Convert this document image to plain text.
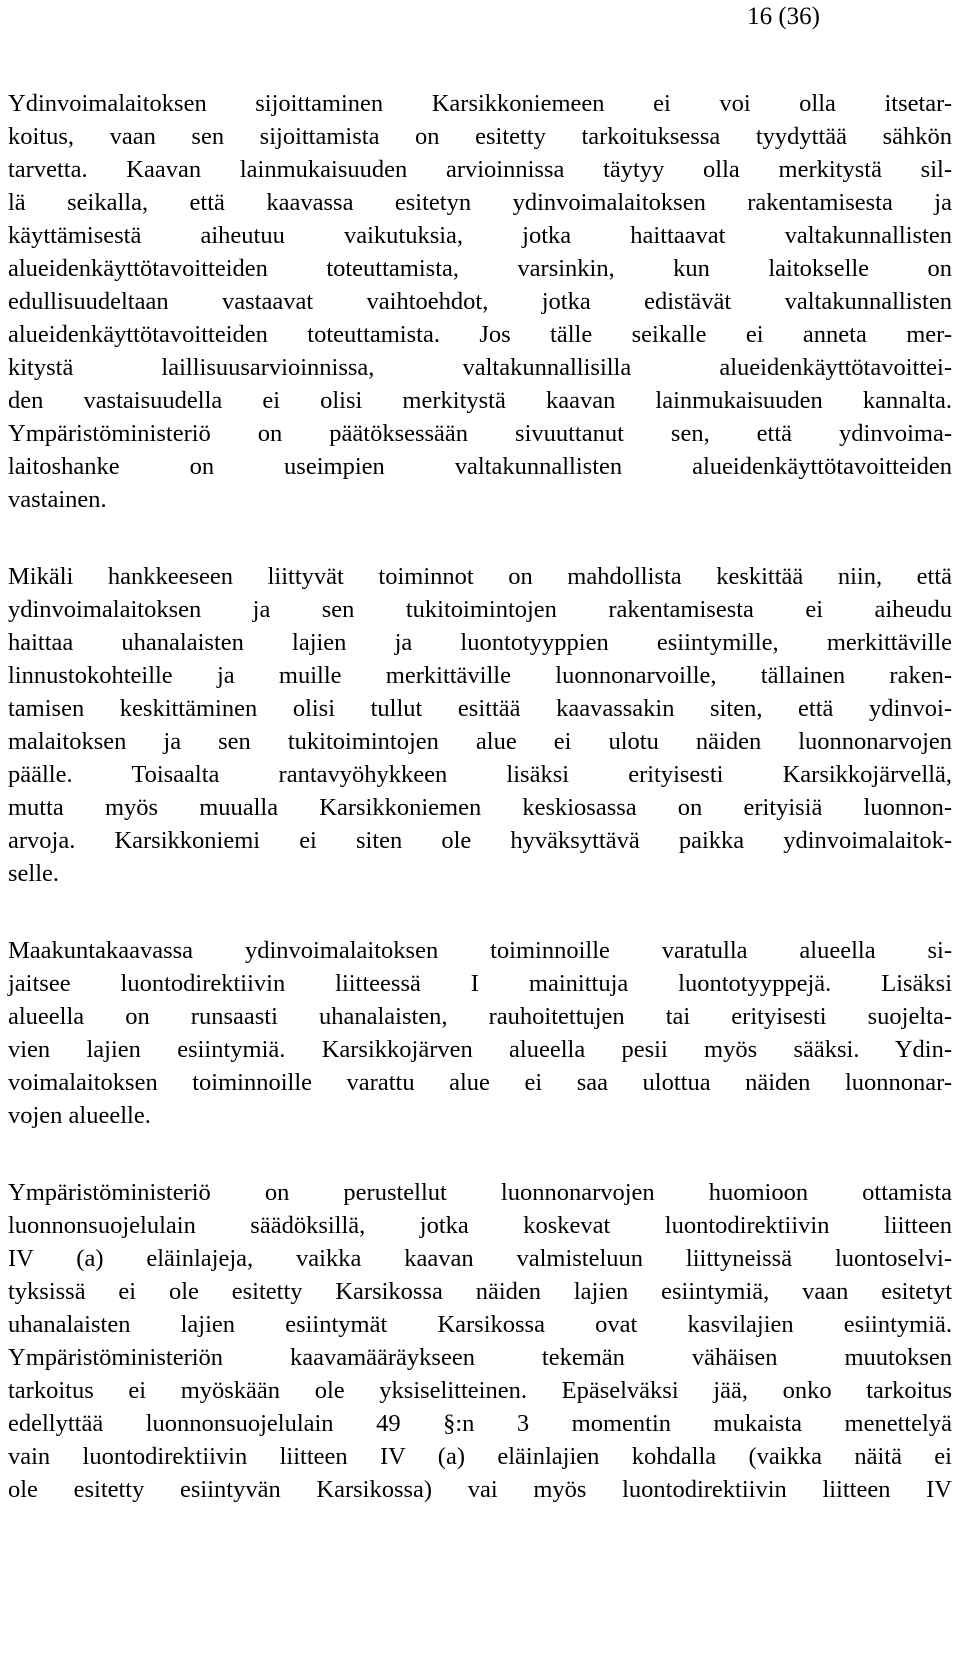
16 (36)
Ydinvoimalaitoksen sijoittaminen Karsikkoniemeen ei voi olla itsetar-
koitus, vaan sen sijoittamista on esitetty tarkoituksessa tyydyttää sähkön
tarvetta. Kaavan lainmukaisuuden arvioinnissa täytyy olla merkitystä sil-
lä seikalla, että kaavassa esitetyn ydinvoimalaitoksen rakentamisesta ja
käyttämisestä aiheutuu vaikutuksia, jotka haittaavat valtakunnallisten
alueidenkäyttötavoitteiden toteuttamista, varsinkin, kun laitokselle on
edullisuudeltaan vastaavat vaihtoehdot, jotka edistävät valtakunnallisten
alueidenkäyttötavoitteiden toteuttamista. Jos tälle seikalle ei anneta mer-
kitystä laillisuusarvioinnissa, valtakunnallisilla alueidenkäyttötavoittei-
den vastaisuudella ei olisi merkitystä kaavan lainmukaisuuden kannalta.
Ympäristöministeriö on päätöksessään sivuuttanut sen, että ydinvoima-
laitoshanke on useimpien valtakunnallisten alueidenkäyttötavoitteiden
vastainen.
Mikäli hankkeeseen liittyvät toiminnot on mahdollista keskittää niin, että
ydinvoimalaitoksen ja sen tukitoimintojen rakentamisesta ei aiheudu
haittaa uhanalaisten lajien ja luontotyyppien esiintymille, merkittäville
linnustokohteille ja muille merkittäville luonnonarvoille, tällainen raken-
tamisen keskittäminen olisi tullut esittää kaavassakin siten, että ydinvoi-
malaitoksen ja sen tukitoimintojen alue ei ulotu näiden luonnonarvojen
päälle. Toisaalta rantavyöhykkeen lisäksi erityisesti Karsikkojärvellä,
mutta myös muualla Karsikkoniemen keskiosassa on erityisiä luonnon-
arvoja. Karsikkoniemi ei siten ole hyväksyttävä paikka ydinvoimalaitok-
selle.
Maakuntakaavassa ydinvoimalaitoksen toiminnoille varatulla alueella si-
jaitsee luontodirektiivin liitteessä I mainittuja luontotyyppejä. Lisäksi
alueella on runsaasti uhanalaisten, rauhoitettujen tai erityisesti suojelta-
vien lajien esiintymiä. Karsikkojärven alueella pesii myös sääksi. Ydin-
voimalaitoksen toiminnoille varattu alue ei saa ulottua näiden luonnonar-
vojen alueelle.
Ympäristöministeriö on perustellut luonnonarvojen huomioon ottamista
luonnonsuojelulain säädöksillä, jotka koskevat luontodirektiivin liitteen
IV (a) eläinlajeja, vaikka kaavan valmisteluun liittyneissä luontoselvi-
tyksissä ei ole esitetty Karsikossa näiden lajien esiintymiä, vaan esitetyt
uhanalaisten lajien esiintymät Karsikossa ovat kasvilajien esiintymiä.
Ympäristöministeriön kaavamääräykseen tekemän vähäisen muutoksen
tarkoitus ei myöskään ole yksiselitteinen. Epäselväksi jää, onko tarkoitus
edellyttää luonnonsuojelulain 49 §:n 3 momentin mukaista menettelyä
vain luontodirektiivin liitteen IV (a) eläinlajien kohdalla (vaikka näitä ei
ole esitetty esiintyvän Karsikossa) vai myös luontodirektiivin liitteen IV
